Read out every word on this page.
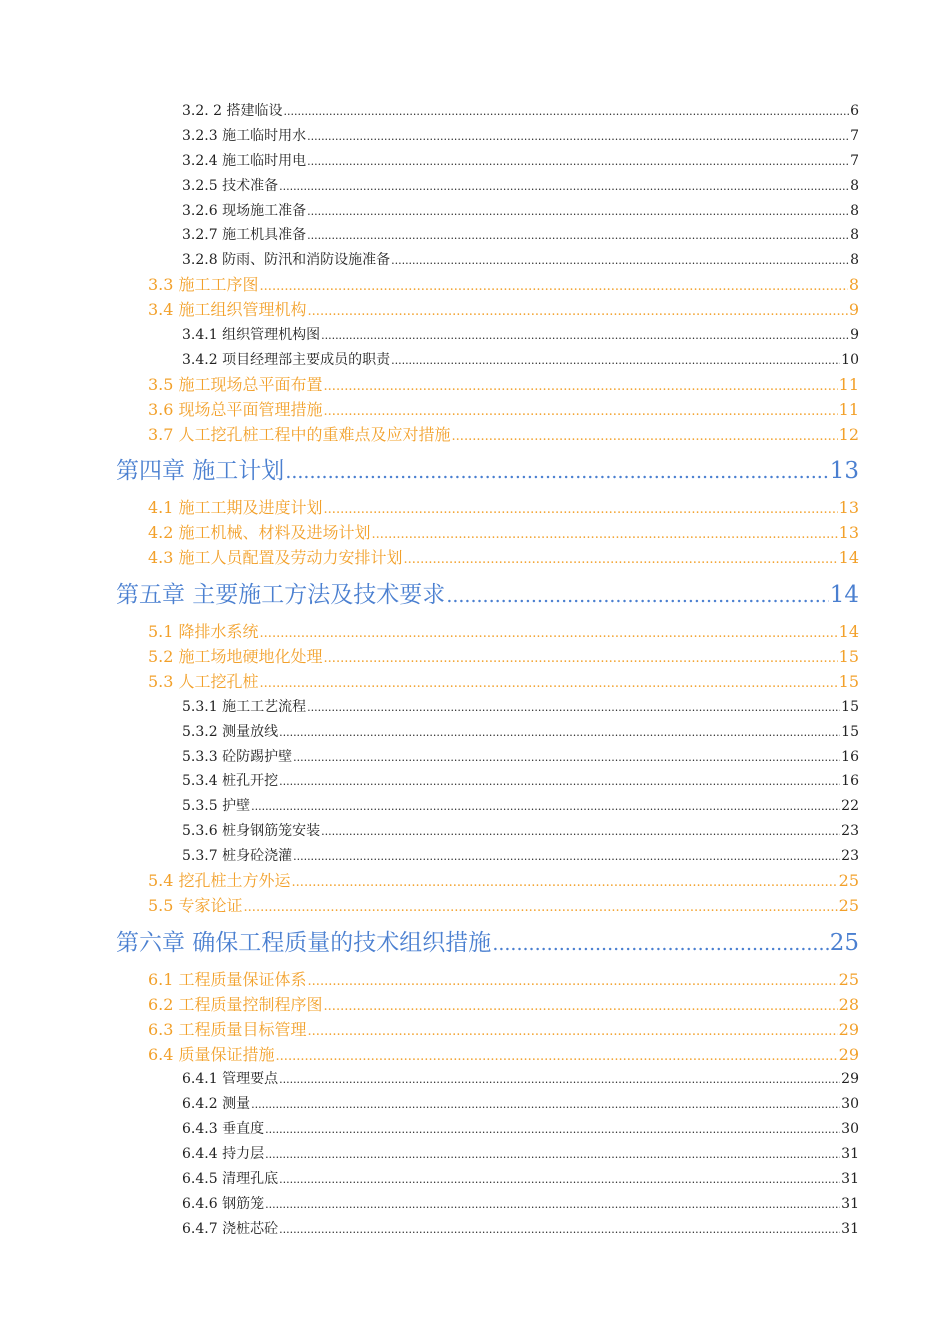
3.2. 2 搭建临设 .....	6
3.2.3 施工临时用水 .....	7
3.2.4 施工临时用电 .....	7
3.2.5 技术准备 .....	8
3.2.6 现场施工准备 .....	8
3.2.7 施工机具准备 .....	8
3.2.8 防雨、防汛和消防设施准备 .....	8
3.3 施工工序图 .....	8
3.4 施工组织管理机构 .....	9
3.4.1 组织管理机构图 .....	9
3.4.2 项目经理部主要成员的职责 .....	10
3.5 施工现场总平面布置 .....	11
3.6 现场总平面管理措施 .....	11
3.7 人工挖孔桩工程中的重难点及应对措施 .....	12
第四章 施工计划 .....	13
4.1 施工工期及进度计划 .....	13
4.2 施工机械、材料及进场计划 .....	13
4.3 施工人员配置及劳动力安排计划 .....	14
第五章 主要施工方法及技术要求 .....	14
5.1 降排水系统 .....	14
5.2 施工场地硬地化处理 .....	15
5.3 人工挖孔桩 .....	15
5.3.1 施工工艺流程 .....	15
5.3.2 测量放线 .....	15
5.3.3 砼防踢护壁 .....	16
5.3.4 桩孔开挖 .....	16
5.3.5 护壁 .....	22
5.3.6 桩身钢筋笼安装 .....	23
5.3.7 桩身砼浇灌 .....	23
5.4 挖孔桩土方外运 .....	25
5.5 专家论证 .....	25
第六章 确保工程质量的技术组织措施 .....	25
6.1 工程质量保证体系 .....	25
6.2 工程质量控制程序图 .....	28
6.3 工程质量目标管理 .....	29
6.4 质量保证措施 .....	29
6.4.1 管理要点 .....	29
6.4.2 测量 .....	30
6.4.3 垂直度 .....	30
6.4.4 持力层 .....	31
6.4.5 清理孔底 .....	31
6.4.6 钢筋笼 .....	31
6.4.7 浇桩芯砼 .....	31
